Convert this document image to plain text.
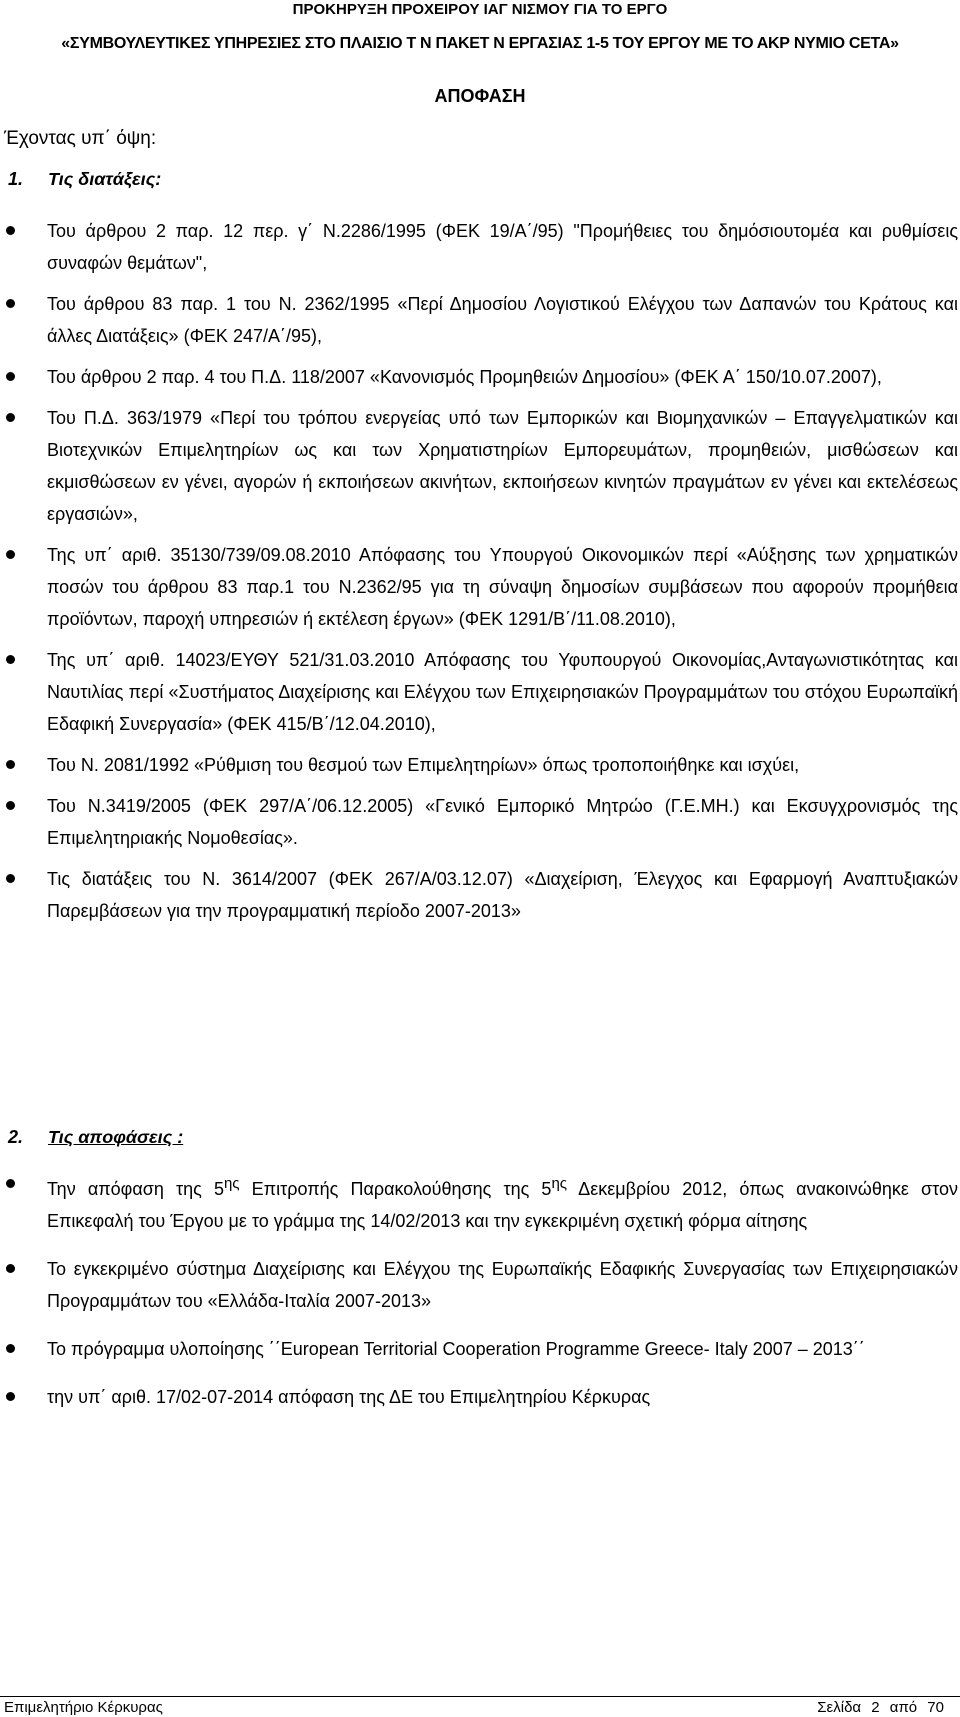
ΠΡΟΚΗΡΥΞΗ ΠΡΟΧΕΙΡΟΥ ΙΑΓ ΝΙΣΜΟΥ ΓΙΑ ΤΟ ΕΡΓΟ
«ΣΥΜΒΟΥΛΕΥΤΙΚΕΣ ΥΠΗΡΕΣΙΕΣ ΣΤΟ ΠΛΑΙΣΙΟ Τ Ν ΠΑΚΕΤ Ν ΕΡΓΑΣΙΑΣ 1-5 ΤΟΥ ΕΡΓΟΥ ΜΕ ΤΟ ΑΚΡ ΝΥΜΙΟ CETA»
ΑΠΟΦΑΣΗ
Έχοντας υπ΄ όψη:
1. Τις διατάξεις:
Του άρθρου 2 παρ. 12 περ. γ΄ Ν.2286/1995 (ΦΕΚ 19/Α΄/95) "Προμήθειες του δημόσιουτομέα και ρυθμίσεις συναφών θεμάτων",
Του άρθρου 83 παρ. 1 του Ν. 2362/1995 «Περί Δημοσίου Λογιστικού Ελέγχου των Δαπανών του Κράτους και άλλες Διατάξεις» (ΦΕΚ 247/Α΄/95),
Του άρθρου 2 παρ. 4 του Π.Δ. 118/2007 «Κανονισμός Προμηθειών Δημοσίου» (ΦΕΚ Α΄ 150/10.07.2007),
Του Π.Δ. 363/1979 «Περί του τρόπου ενεργείας υπό των Εμπορικών και Βιομηχανικών – Επαγγελματικών και Βιοτεχνικών Επιμελητηρίων ως και των Χρηματιστηρίων Εμπορευμάτων, προμηθειών, μισθώσεων και εκμισθώσεων εν γένει, αγορών ή εκποιήσεων ακινήτων, εκποιήσεων κινητών πραγμάτων εν γένει και εκτελέσεως εργασιών»,
Της υπ΄ αριθ. 35130/739/09.08.2010 Απόφασης του Υπουργού Οικονομικών περί «Αύξησης των χρηματικών ποσών του άρθρου 83 παρ.1 του Ν.2362/95 για τη σύναψη δημοσίων συμβάσεων που αφορούν προμήθεια προϊόντων, παροχή υπηρεσιών ή εκτέλεση έργων» (ΦΕΚ 1291/Β΄/11.08.2010),
Της υπ΄ αριθ. 14023/ΕΥΘΥ 521/31.03.2010 Απόφασης του Υφυπουργού Οικονομίας,Ανταγωνιστικότητας και Ναυτιλίας περί «Συστήματος Διαχείρισης και Ελέγχου των Επιχειρησιακών Προγραμμάτων του στόχου Ευρωπαϊκή Εδαφική Συνεργασία» (ΦΕΚ 415/Β΄/12.04.2010),
Του Ν. 2081/1992 «Ρύθμιση του θεσμού των Επιμελητηρίων» όπως τροποποιήθηκε και ισχύει,
Του Ν.3419/2005 (ΦΕΚ 297/Α΄/06.12.2005) «Γενικό Εμπορικό Μητρώο (Γ.Ε.ΜΗ.) και Εκσυγχρονισμός της Επιμελητηριακής Νομοθεσίας».
Τις διατάξεις του Ν. 3614/2007 (ΦΕΚ 267/Α/03.12.07) «Διαχείριση, Έλεγχος και Εφαρμογή Αναπτυξιακών Παρεμβάσεων για την προγραμματική περίοδο 2007-2013»
2. Τις αποφάσεις :
Την απόφαση της $5^{\eta\varsigma}$ Επιτροπής Παρακολούθησης της $5^{\eta\varsigma}$ Δεκεμβρίου 2012, όπως ανακοινώθηκε στον Επικεφαλή του Έργου με το γράμμα της 14/02/2013 και την εγκεκριμένη σχετική φόρμα αίτησης
Το εγκεκριμένο σύστημα Διαχείρισης και Ελέγχου της Ευρωπαϊκής Εδαφικής Συνεργασίας των Επιχειρησιακών Προγραμμάτων του «Ελλάδα-Ιταλία 2007-2013»
Το πρόγραμμα υλοποίησης ΄΄European Territorial Cooperation Programme Greece- Italy 2007 – 2013΄΄
την υπ΄ αριθ. 17/02-07-2014 απόφαση της ΔΕ του Επιμελητηρίου Κέρκυρας
Επιμελητήριο Κέρκυρας	Σελίδα 2 από 70
